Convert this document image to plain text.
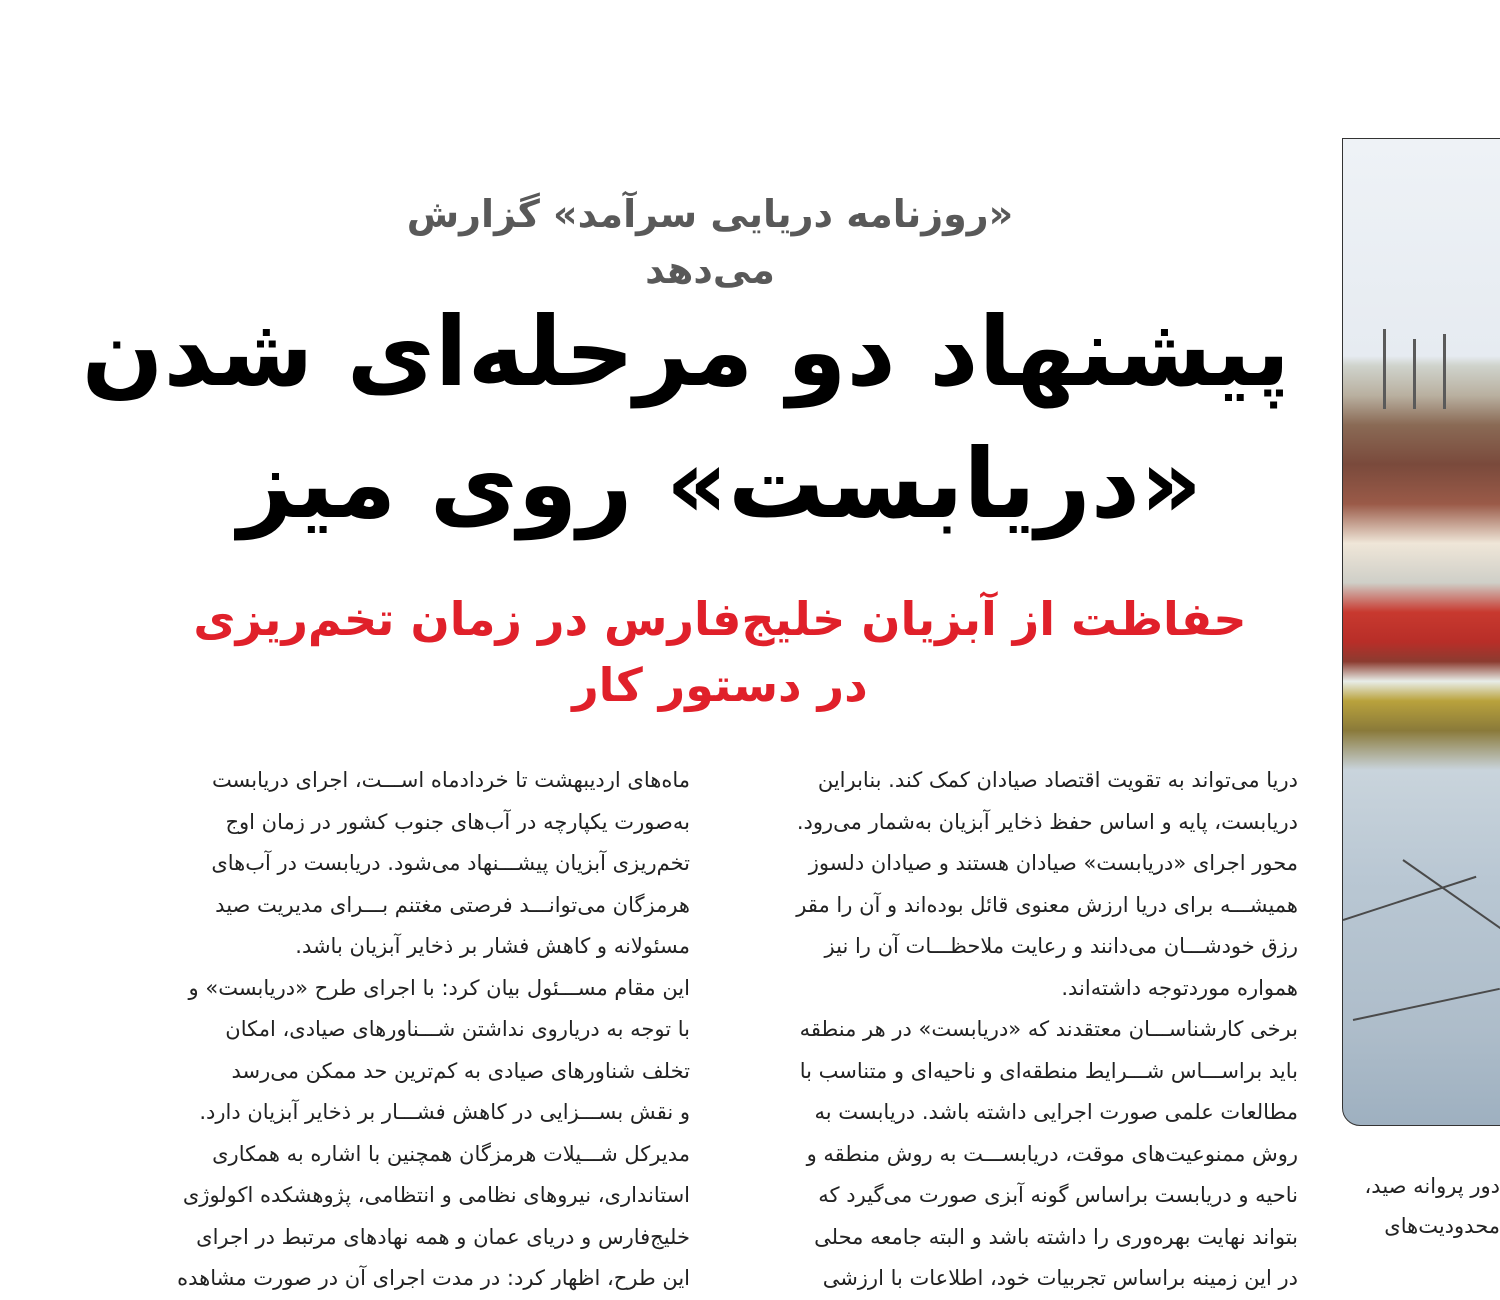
«روزنامه دریایی سرآمد» گزارش می‌دهد
پیشنهاد دو مرحله‌ای شدن
«دریابست» روی میز
حفاظت از آبزیان خلیج‌فارس در زمان تخم‌ریزی
در دستور کار
دریا می‌تواند به تقویت اقتصاد صیادان کمک کند. بنابراین
دریابست، پایه و اساس حفظ ذخایر آبزیان به‌شمار می‌رود.
محور اجرای «دریابست» صیادان هستند و صیادان دلسوز
همیشـــه برای دریا ارزش معنوی قائل بوده‌اند و آن را مقر
رزق خودشـــان می‌دانند و رعایت ملاحظـــات آن را نیز
همواره موردتوجه داشته‌اند.
برخی کارشناســـان معتقدند که «دریابست» در هر منطقه
باید براســـاس شـــرایط منطقه‌ای و ناحیه‌ای و متناسب با
مطالعات علمی صورت اجرایی داشته باشد. دریابست به
روش ممنوعیت‌های موقت، دریابســـت به روش منطقه و
ناحیه و دریابست براساس گونه آبزی صورت می‌گیرد که
بتواند نهایت بهره‌وری را داشته باشد و البته جامعه محلی
در این زمینه براساس تجربیات خود، اطلاعات با ارزشی
ماه‌های اردیبهشت تا خردادماه اســـت، اجرای دریابست
به‌صورت یکپارچه در آب‌های جنوب کشور در زمان اوج
تخم‌ریزی آبزیان پیشـــنهاد می‌شود. دریابست در آب‌های
هرمزگان می‌توانـــد فرصتی مغتنم بـــرای مدیریت صید
مسئولانه و کاهش فشار بر ذخایر آبزیان باشد.
این مقام مســـئول بیان کرد: با اجرای طرح «دریابست» و
با توجه به دریاروی نداشتن شـــناورهای صیادی، امکان
تخلف شناورهای صیادی به کم‌ترین حد ممکن می‌رسد
و نقش بســـزایی در کاهش فشـــار بر ذخایر آبزیان دارد.
مدیرکل شـــیلات هرمزگان همچنین با اشاره به همکاری
استانداری، نیروهای نظامی و انتظامی، پژوهشکده اکولوژی
خلیج‌فارس و دریای عمان و همه نهادهای مرتبط در اجرای
این طرح، اظهار کرد: در مدت اجرای آن در صورت مشاهده
دور پروانه صید،
محدودیت‌های
